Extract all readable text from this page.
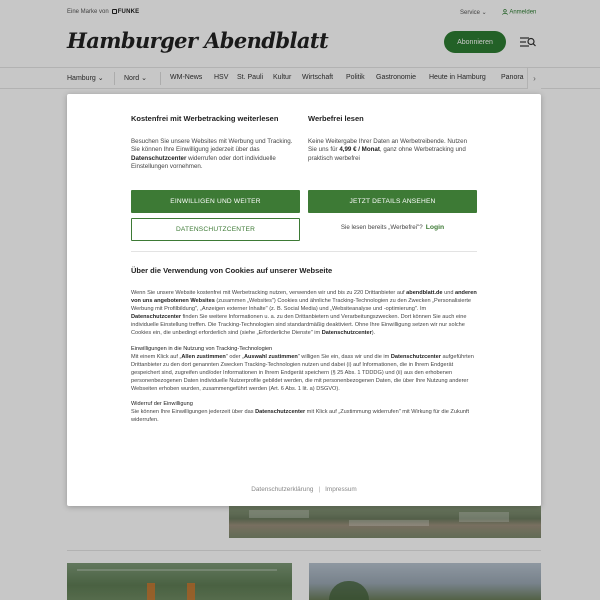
Eine Marke von	FUNKE	Service ⌄	Anmelden
Hamburger Abendblatt	Abonnieren
Hamburg ⌄	Nord ⌄	WM-News HSV St. Pauli Kultur Wirtschaft Politik Gastronomie Heute in Hamburg Panora	›
Kostenfrei mit Werbetracking weiterlesen

Besuchen Sie unsere Websites mit Werbung und Tracking. Sie können Ihre Einwilligung jederzeit über das Datenschutzcenter widerrufen oder dort individuelle Einstellungen vornehmen.

Werbefrei lesen

Keine Weitergabe Ihrer Daten an Werbetreibende. Nutzen Sie uns für 4,99 € / Monat, ganz ohne Werbetracking und praktisch werbefrei

EINWILLIGEN UND WEITER	JETZT DETAILS ANSEHEN
DATENSCHUTZCENTER	Sie lesen bereits „Werbefrei"? Login
Über die Verwendung von Cookies auf unserer Webseite
Wenn Sie unsere Website kostenfrei mit Werbetracking nutzen, verwenden wir und bis zu 220 Drittanbieter auf abendblatt.de und anderen von uns angebotenen Websites (zusammen „Websites") Cookies und ähnliche Tracking-Technologien zu den Zwecken „Personalisierte Werbung mit Profilbildung", „Anzeigen externer Inhalte" (z. B. Social Media) und „Websiteanalyse und -optimierung". Im Datenschutzcenter finden Sie weitere Informationen u. a. zu den Drittanbietern und Verarbeitungszwecken. Dort können Sie auch eine individuelle Einstellung treffen. Die Tracking-Technologien sind standardmäßig deaktiviert. Ohne Ihre Einwilligung setzen wir nur solche Cookies ein, die unbedingt erforderlich sind (siehe „Erforderliche Dienste" im Datenschutzcenter).
Einwilligungen in die Nutzung von Tracking-Technologien
Mit einem Klick auf „Allen zustimmen" oder „Auswahl zustimmen" willigen Sie ein, dass wir und die im Datenschutzcenter aufgeführten Drittanbieter zu den dort genannten Zwecken Tracking-Technologien nutzen und dabei (i) auf Informationen, die in Ihrem Endgerät gespeichert sind, zugreifen und/oder Informationen in Ihrem Endgerät speichern (§ 25 Abs. 1 TDDDG) und (ii) aus den erhobenen personenbezogenen Daten individuelle Nutzerprofile gebildet werden, die mit personenbezogenen Daten, die über Ihre Nutzung anderer Webseiten erhoben wurden, zusammengeführt werden (Art. 6 Abs. 1 lit. a) DSGVO).
Widerruf der Einwilligung
Sie können Ihre Einwilligungen jederzeit über das Datenschutzcenter mit Klick auf „Zustimmung widerrufen" mit Wirkung für die Zukunft widerrufen.
Datenschutzerklärung | Impressum
